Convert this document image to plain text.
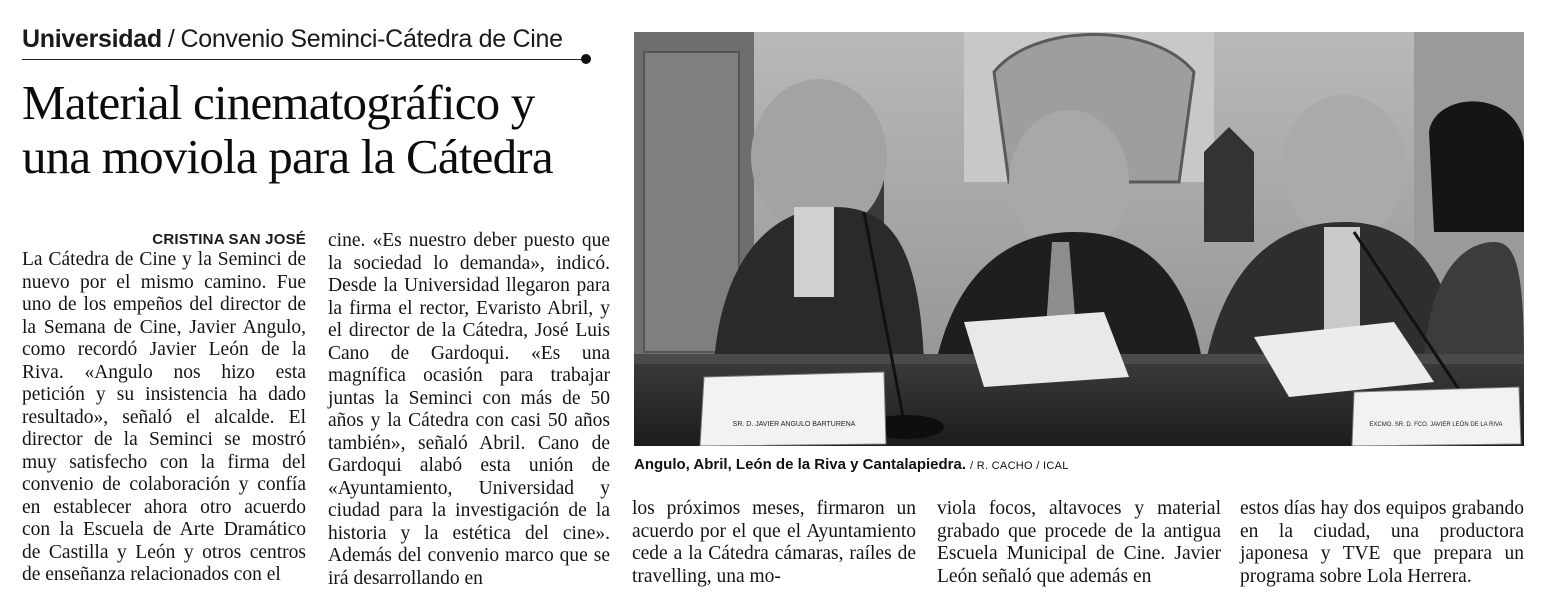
Universidad / Convenio Seminci-Cátedra de Cine
Material cinematográfico y una moviola para la Cátedra
CRISTINA SAN JOSÉ

La Cátedra de Cine y la Seminci de nuevo por el mismo camino. Fue uno de los empeños del director de la Semana de Cine, Javier Angulo, como recordó Javier León de la Riva. «Angulo nos hizo esta petición y su insistencia ha dado resultado», señaló el alcalde. El director de la Seminci se mostró muy satisfecho con la firma del convenio de colaboración y confía en establecer ahora otro acuerdo con la Escuela de Arte Dramático de Castilla y León y otros centros de enseñanza relacionados con el

cine. «Es nuestro deber puesto que la sociedad lo demanda», indicó. Desde la Universidad llegaron para la firma el rector, Evaristo Abril, y el director de la Cátedra, José Luis Cano de Gardoqui. «Es una magnífica ocasión para trabajar juntas la Seminci con más de 50 años y la Cátedra con casi 50 años también», señaló Abril. Cano de Gardoqui alabó esta unión de «Ayuntamiento, Universidad y ciudad para la investigación de la historia y la estética del cine». Además del convenio marco que se irá desarrollando en

SR. D. JAVIER ANGULO BARTURENA	EXCMO. SR. D. FCO. JAVIER LEÓN DE LA RIVA
Angulo, Abril, León de la Riva y Cantalapiedra. / R. CACHO / ICAL

los próximos meses, firmaron un acuerdo por el que el Ayuntamiento cede a la Cátedra cámaras, raíles de travelling, una mo-

viola focos, altavoces y material grabado que procede de la antigua Escuela Municipal de Cine. Javier León señaló que además en

estos días hay dos equipos grabando en la ciudad, una productora japonesa y TVE que prepara un programa sobre Lola Herrera.
